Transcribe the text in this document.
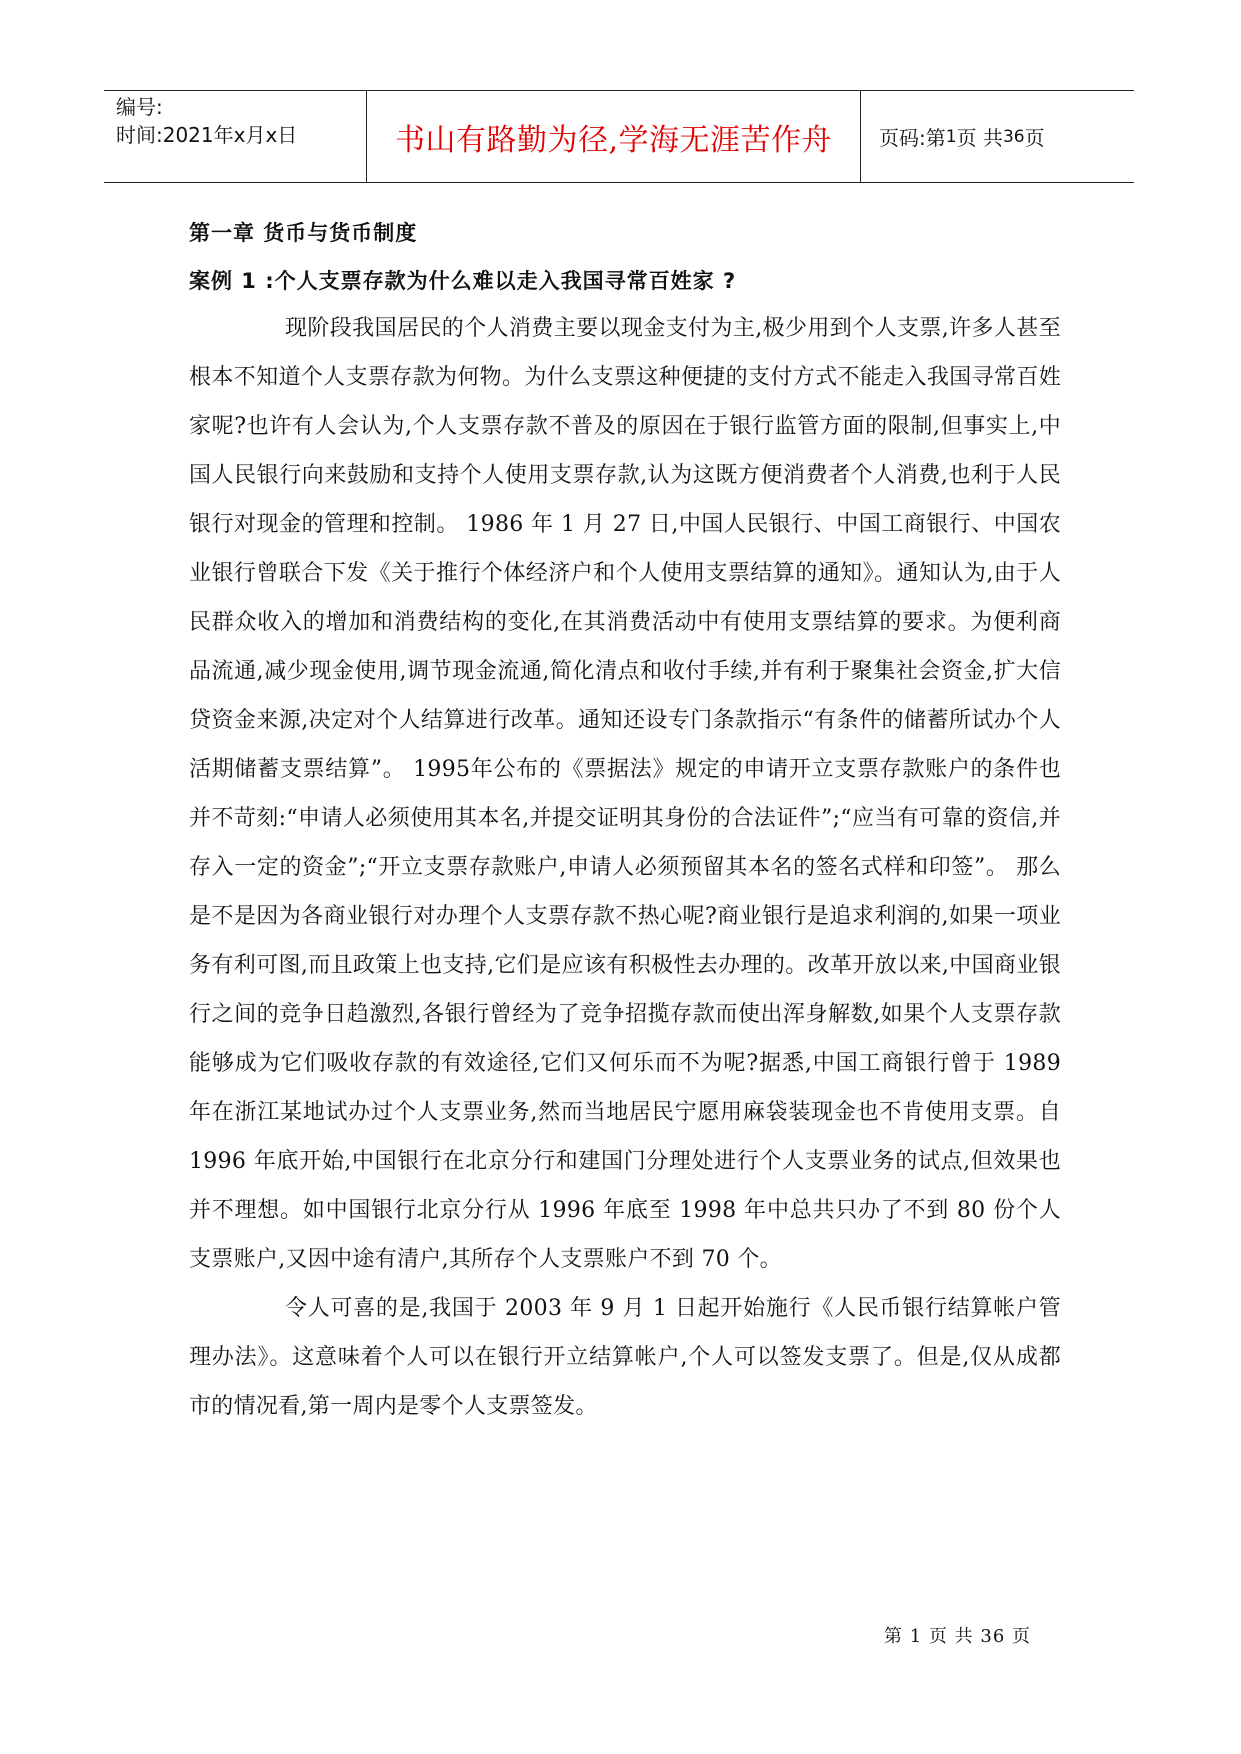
编号:
时间:2021年x月x日	书山有路勤为径,学海无涯苦作舟	页码:第 1 页 共 36 页
第一章 货币与货币制度
案例 1 :个人支票存款为什么难以走入我国寻常百姓家 ?

现阶段我国居民的个人消费主要以现金支付为主,极少用到个人支票,许多人甚至根本不知道个人支票存款为何物。为什么支票这种便捷的支付方式不能走入我国寻常百姓家呢?也许有人会认为,个人支票存款不普及的原因在于银行监管方面的限制,但事实上,中国人民银行向来鼓励和支持个人使用支票存款,认为这既方便消费者个人消费,也利于人民银行对现金的管理和控制。 1986 年 1 月 27 日,中国人民银行、中国工商银行、中国农业银行曾联合下发《关于推行个体经济户和个人使用支票结算的通知》。通知认为,由于人民群众收入的增加和消费结构的变化,在其消费活动中有使用支票结算的要求。为便利商品流通,减少现金使用,调节现金流通,简化清点和收付手续,并有利于聚集社会资金,扩大信贷资金来源,决定对个人结算进行改革。通知还设专门条款指示“有条件的储蓄所试办个人活期储蓄支票结算”。 1995年公布的《票据法》规定的申请开立支票存款账户的条件也并不苛刻:“申请人必须使用其本名,并提交证明其身份的合法证件”;“应当有可靠的资信,并存入一定的资金”;“开立支票存款账户,申请人必须预留其本名的签名式样和印签”。 那么是不是因为各商业银行对办理个人支票存款不热心呢?商业银行是追求利润的,如果一项业务有利可图,而且政策上也支持,它们是应该有积极性去办理的。改革开放以来,中国商业银行之间的竞争日趋激烈,各银行曾经为了竞争招揽存款而使出浑身解数,如果个人支票存款能够成为它们吸收存款的有效途径,它们又何乐而不为呢?据悉,中国工商银行曾于 1989 年在浙江某地试办过个人支票业务,然而当地居民宁愿用麻袋装现金也不肯使用支票。自 1996 年底开始,中国银行在北京分行和建国门分理处进行个人支票业务的试点,但效果也并不理想。如中国银行北京分行从 1996 年底至 1998 年中总共只办了不到 80 份个人支票账户,又因中途有清户,其所存个人支票账户不到 70 个。

令人可喜的是,我国于 2003 年 9 月 1 日起开始施行《人民币银行结算帐户管理办法》。这意味着个人可以在银行开立结算帐户,个人可以签发支票了。但是,仅从成都市的情况看,第一周内是零个人支票签发。

第 1 页 共 36 页
